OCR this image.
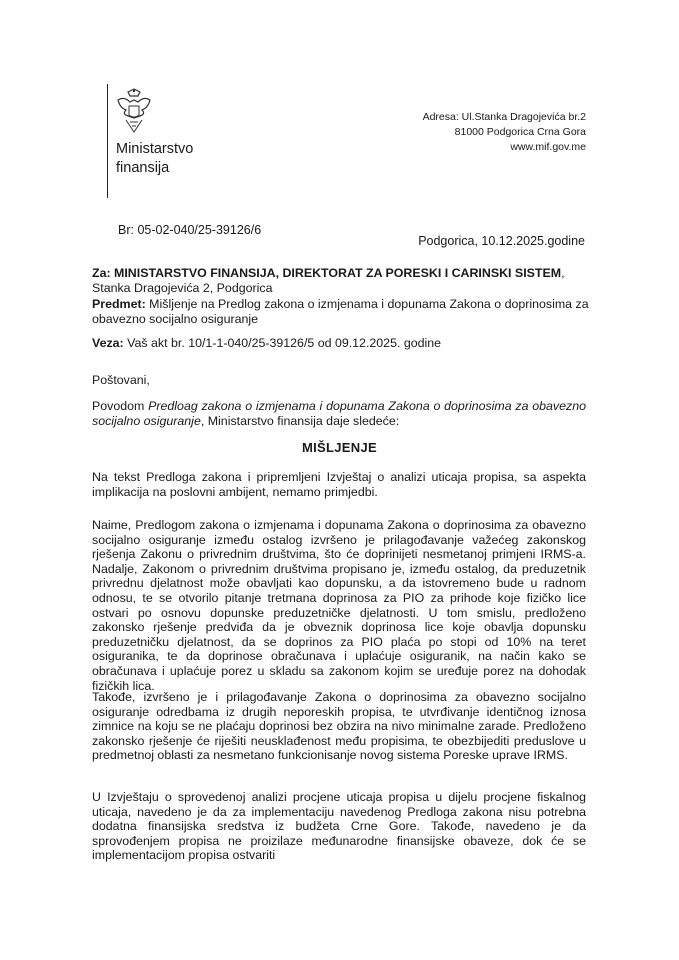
Ministarstvo
finansija
Adresa: Ul.Stanka Dragojevića br.2
81000 Podgorica Crna Gora
www.mif.gov.me
Br: 05-02-040/25-39126/6
Podgorica, 10.12.2025.godine
Za: MINISTARSTVO FINANSIJA, DIREKTORAT ZA PORESKI I CARINSKI SISTEM, Stanka Dragojevića 2, Podgorica
Predmet: Mišljenje na Predlog zakona o izmjenama i dopunama Zakona o doprinosima za obavezno socijalno osiguranje
Veza: Vaš akt br. 10/1-1-040/25-39126/5 od 09.12.2025. godine
Poštovani,
Povodom Predloag zakona o izmjenama i dopunama Zakona o doprinosima za obavezno socijalno osiguranje, Ministarstvo finansija daje sledeće:
MIŠLJENJE
Na tekst Predloga zakona i pripremljeni Izvještaj o analizi uticaja propisa, sa aspekta implikacija na poslovni ambijent, nemamo primjedbi.
Naime, Predlogom zakona o izmjenama i dopunama Zakona o doprinosima za obavezno socijalno osiguranje između ostalog izvršeno je prilagođavanje važećeg zakonskog rješenja Zakonu o privrednim društvima, što će doprinijeti nesmetanoj primjeni IRMS-a. Nadalje, Zakonom o privrednim društvima propisano je, između ostalog, da preduzetnik privrednu djelatnost može obavljati kao dopunsku, a da istovremeno bude u radnom odnosu, te se otvorilo pitanje tretmana doprinosa za PIO za prihode koje fizičko lice ostvari po osnovu dopunske preduzetničke djelatnosti. U tom smislu, predloženo zakonsko rješenje predviđa da je obveznik doprinosa lice koje obavlja dopunsku preduzetničku djelatnost, da se doprinos za PIO plaća po stopi od 10% na teret osiguranika, te da doprinose obračunava i uplaćuje osiguranik, na način kako se obračunava i uplaćuje porez u skladu sa zakonom kojim se uređuje porez na dohodak fizičkih lica.
Takođe, izvršeno je i prilagođavanje Zakona o doprinosima za obavezno socijalno osiguranje odredbama iz drugih neporeskih propisa, te utvrđivanje identičnog iznosa zimnice na koju se ne plaćaju doprinosi bez obzira na nivo minimalne zarade. Predloženo zakonsko rješenje će riješiti neusklađenost među propisima, te obezbijediti preduslove u predmetnoj oblasti za nesmetano funkcionisanje novog sistema Poreske uprave IRMS.
U Izvještaju o sprovedenoj analizi procjene uticaja propisa u dijelu procjene fiskalnog uticaja, navedeno je da za implementaciju navedenog Predloga zakona nisu potrebna dodatna finansijska sredstva iz budžeta Crne Gore. Takođe, navedeno je da sprovođenjem propisa ne proizilaze međunarodne finansijske obaveze, dok će se implementacijom propisa ostvariti
